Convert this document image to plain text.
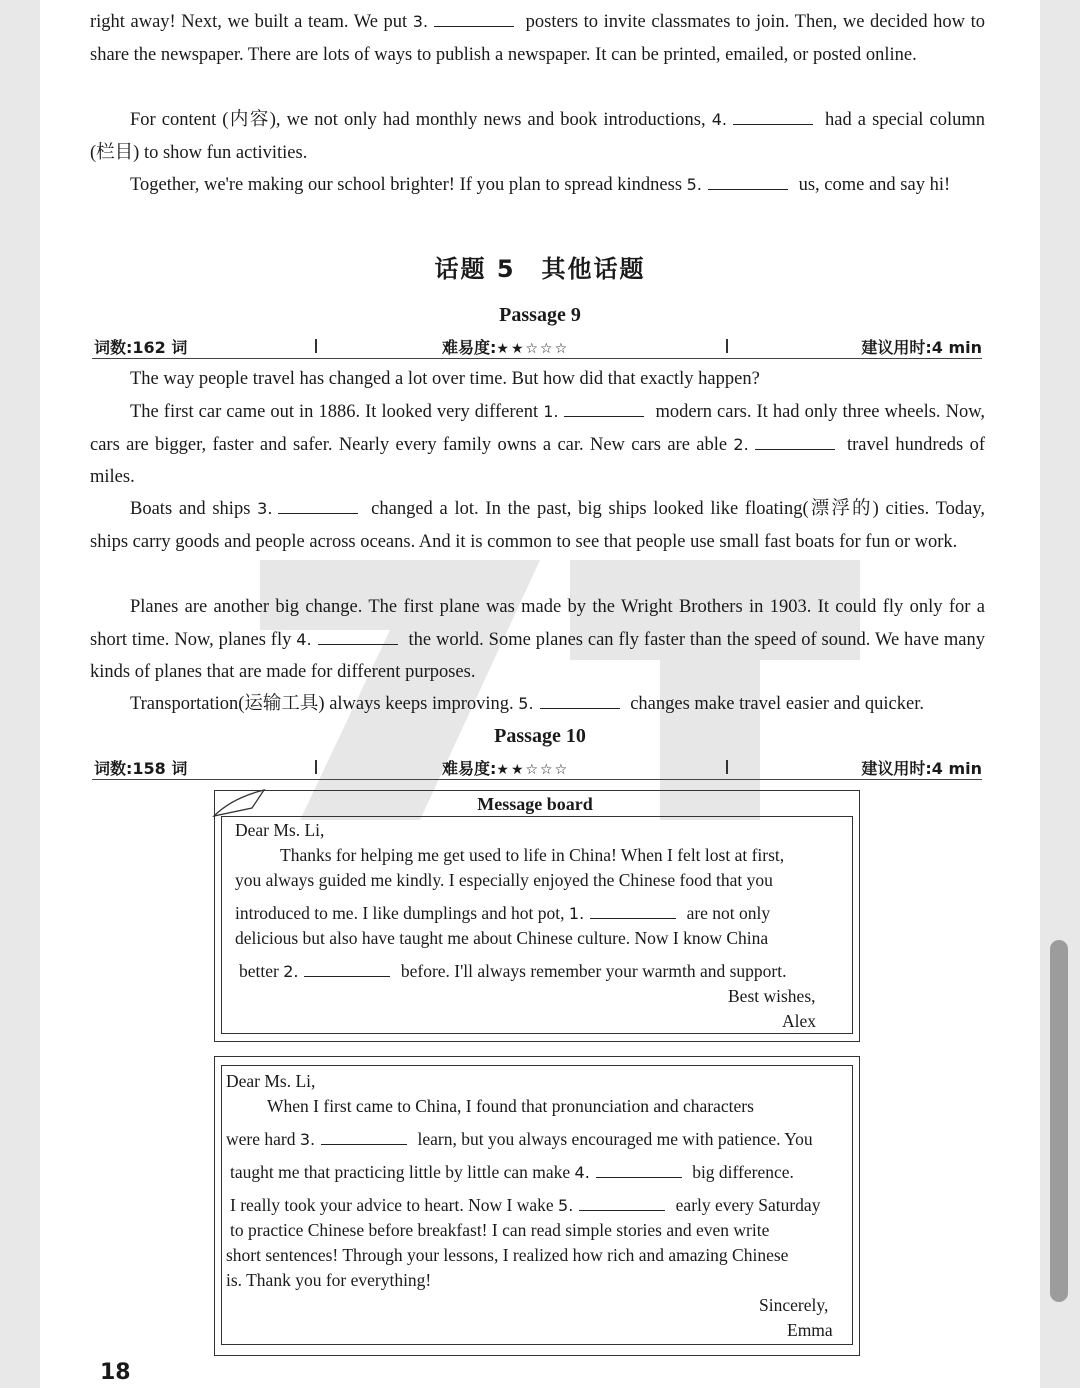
right away! Next, we built a team. We put 3.	posters to invite classmates to join. Then, we decided how to share the newspaper. There are lots of ways to publish a newspaper. It can be printed, emailed, or posted online.

For content (内容), we not only had monthly news and book introductions, 4.	had a special column (栏目) to show fun activities.

Together, we're making our school brighter! If you plan to spread kindness 5.	us, come and say hi!

话题 5　其他话题
Passage 9
词数:162 词	难易度:★★☆☆☆	建议用时:4 min

The way people travel has changed a lot over time. But how did that exactly happen?

The first car came out in 1886. It looked very different 1.	modern cars. It had only three wheels. Now, cars are bigger, faster and safer. Nearly every family owns a car. New cars are able 2.	travel hundreds of miles.

Boats and ships 3.	changed a lot. In the past, big ships looked like floating(漂浮的) cities. Today, ships carry goods and people across oceans. And it is common to see that people use small fast boats for fun or work.

Planes are another big change. The first plane was made by the Wright Brothers in 1903. It could fly only for a short time. Now, planes fly 4.	the world. Some planes can fly faster than the speed of sound. We have many kinds of planes that are made for different purposes.

Transportation(运输工具) always keeps improving. 5.	changes make travel easier and quicker.

Passage 10
词数:158 词	难易度:★★☆☆☆	建议用时:4 min
Message board

Dear Ms. Li,

Thanks for helping me get used to life in China! When I felt lost at first,

you always guided me kindly. I especially enjoyed the Chinese food that you

introduced to me. I like dumplings and hot pot, 1.	are not only

delicious but also have taught me about Chinese culture. Now I know China

better 2.	before. I'll always remember your warmth and support.

Best wishes,

Alex

Dear Ms. Li,

When I first came to China, I found that pronunciation and characters

were hard 3.	learn, but you always encouraged me with patience. You

taught me that practicing little by little can make 4.	big difference.

I really took your advice to heart. Now I wake 5.	early every Saturday

to practice Chinese before breakfast! I can read simple stories and even write

short sentences! Through your lessons, I realized how rich and amazing Chinese

is. Thank you for everything!

Sincerely,

Emma

18
